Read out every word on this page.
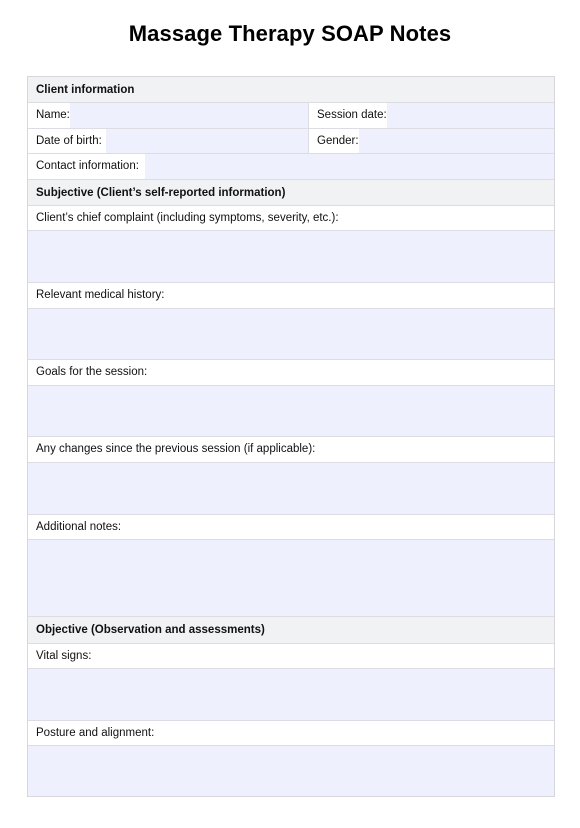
Massage Therapy SOAP Notes
Client information
Name:	Session date:
Date of birth:	Gender:
Contact information:
Subjective (Client’s self-reported information)
Client’s chief complaint (including symptoms, severity, etc.):
Relevant medical history:
Goals for the session:
Any changes since the previous session (if applicable):
Additional notes:
Objective (Observation and assessments)
Vital signs:
Posture and alignment:
